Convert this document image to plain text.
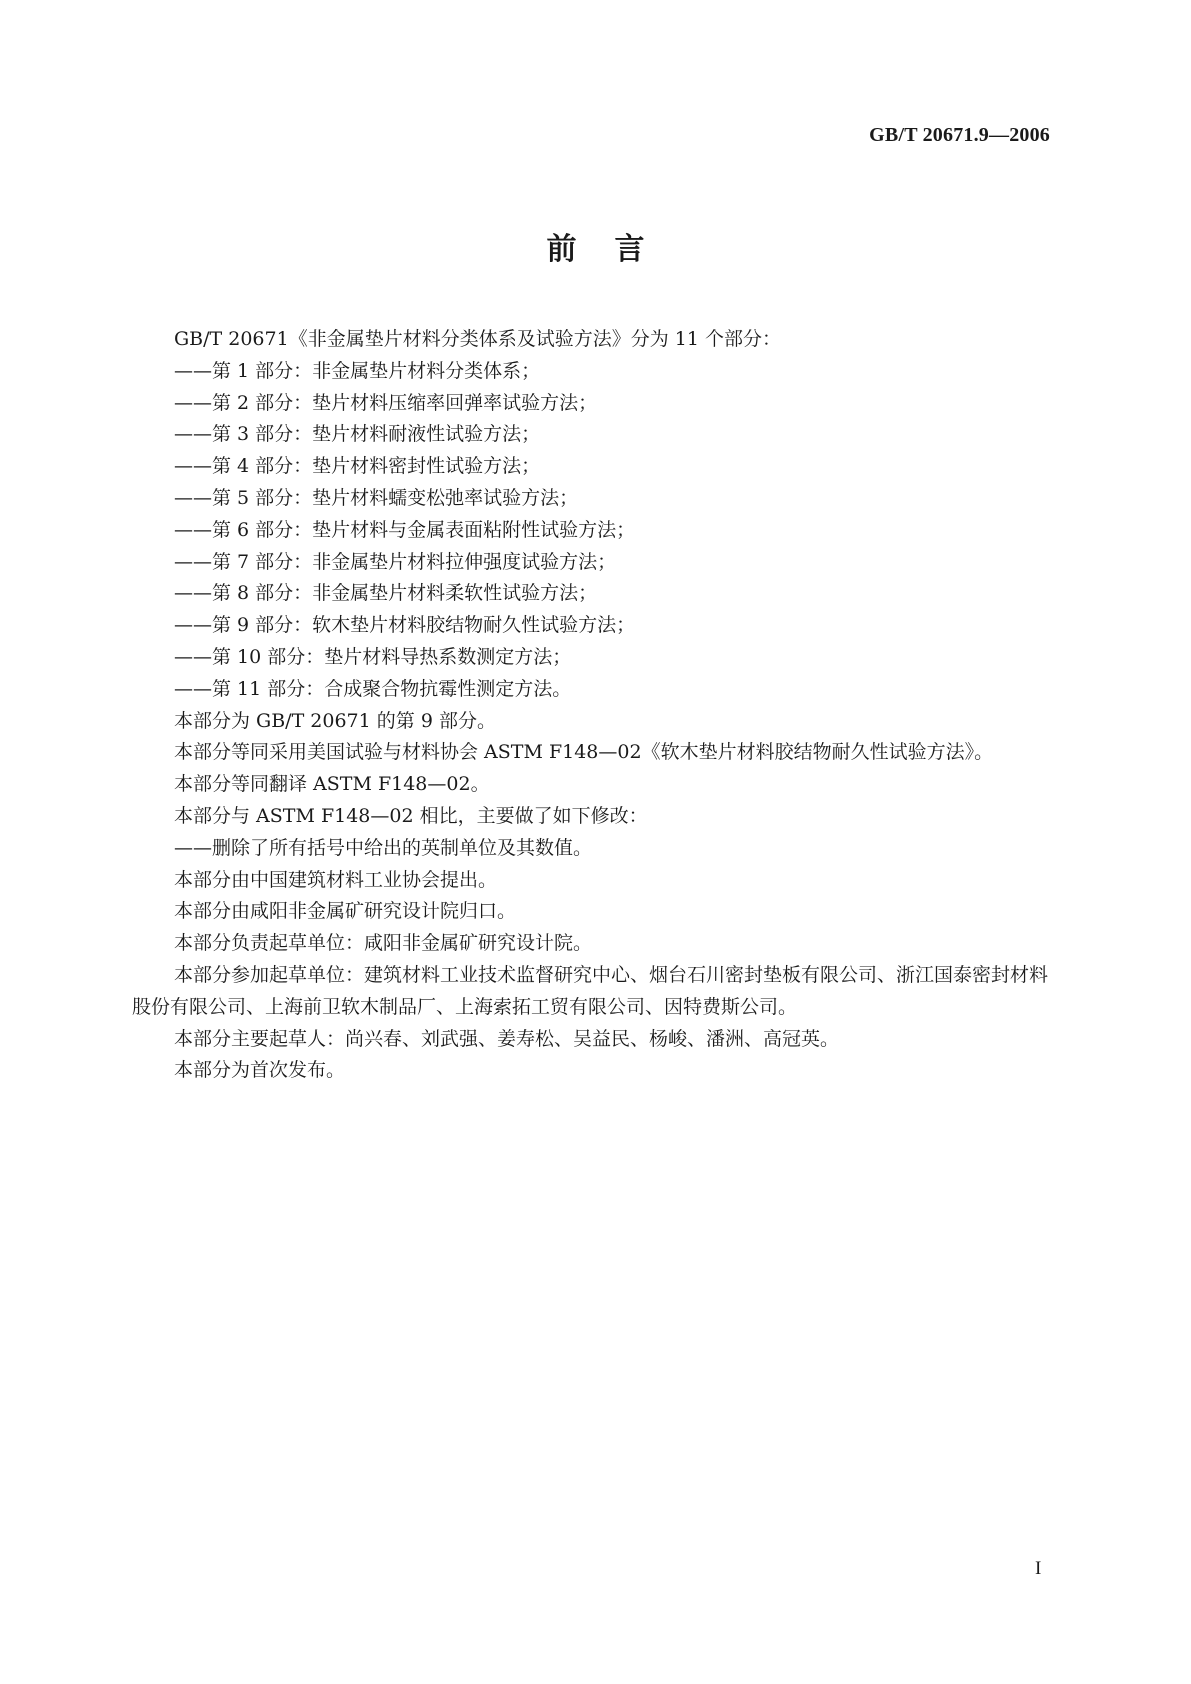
GB/T 20671.9—2006
前言

GB/T 20671《非金属垫片材料分类体系及试验方法》分为 11 个部分：

——第 1 部分：非金属垫片材料分类体系；

——第 2 部分：垫片材料压缩率回弹率试验方法；

——第 3 部分：垫片材料耐液性试验方法；

——第 4 部分：垫片材料密封性试验方法；

——第 5 部分：垫片材料蠕变松弛率试验方法；

——第 6 部分：垫片材料与金属表面粘附性试验方法；

——第 7 部分：非金属垫片材料拉伸强度试验方法；

——第 8 部分：非金属垫片材料柔软性试验方法；

——第 9 部分：软木垫片材料胶结物耐久性试验方法；

——第 10 部分：垫片材料导热系数测定方法；

——第 11 部分：合成聚合物抗霉性测定方法。

本部分为 GB/T 20671 的第 9 部分。

本部分等同采用美国试验与材料协会 ASTM F148—02《软木垫片材料胶结物耐久性试验方法》。

本部分等同翻译 ASTM F148—02。

本部分与 ASTM F148—02 相比，主要做了如下修改：

——删除了所有括号中给出的英制单位及其数值。

本部分由中国建筑材料工业协会提出。

本部分由咸阳非金属矿研究设计院归口。

本部分负责起草单位：咸阳非金属矿研究设计院。

本部分参加起草单位：建筑材料工业技术监督研究中心、烟台石川密封垫板有限公司、浙江国泰密封材料股份有限公司、上海前卫软木制品厂、上海索拓工贸有限公司、因特费斯公司。

本部分主要起草人：尚兴春、刘武强、姜寿松、吴益民、杨峻、潘洲、高冠英。

本部分为首次发布。

I
